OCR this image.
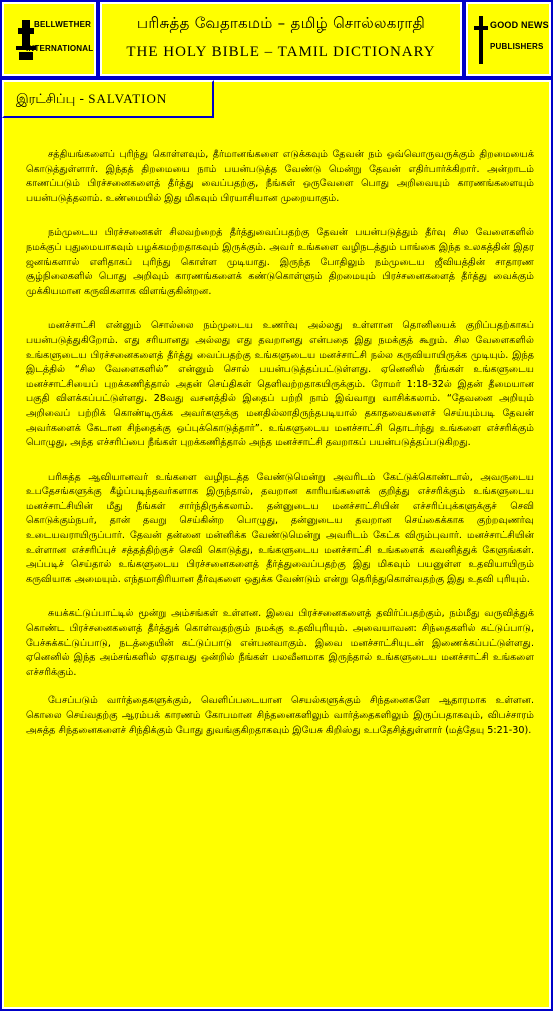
BELLWETHER
INTERNATIONAL
பரிசுத்த வேதாகமம் – தமிழ் சொல்லகராதி
THE HOLY BIBLE – TAMIL DICTIONARY
GOOD NEWS
PUBLISHERS

சத்தியங்களைப் புரிந்து கொள்ளவும், தீர்மானங்களை எடுக்கவும் தேவன் நம் ஒவ்வொருவருக்கும் திறமையைக் கொடுத்துள்ளார். இந்தத் திறமையை நாம் பயன்படுத்த வேண்டு மென்று தேவன் எதிர்பார்க்கிறார். அன்றாடம் காணப்படும் பிரச்சனைகளைத் தீர்த்து வைப்பதற்கு, நீங்கள் ஒருவேளை பொது அறிவையும் காரணங்களையும் பயன்படுத்தலாம். உண்மையில் இது மிகவும் பிரயாசியான முறையாகும்.

நம்முடைய பிரச்சனைகள் சிலவற்றைத் தீர்த்துவைப்பதற்கு தேவன் பயன்படுத்தும் தீர்வு சில வேளைகளில் நமக்குப் புதுமையாகவும் பழக்கமற்றதாகவும் இருக்கும். அவர் உங்களை வழிநடத்தும் பாங்கை இந்த உலகத்தின் இதர ஜனங்களால் எளிதாகப் புரிந்து கொள்ள முடியாது. இருந்த போதிலும் நம்முடைய ஜீவியத்தின் சாதாரண சூழ்நிலைகளில் பொது அறிவும் காரணங்களைக் கண்டுகொள்ளும் திறமையும் பிரச்சனைகளைத் தீர்த்து வைக்கும் முக்கியமான கருவிகளாக விளங்குகின்றன.

மனச்சாட்சி என்னும் சொல்லை நம்முடைய உணர்வு அல்லது உள்ளான தொனியைக் குறிப்பதற்காகப் பயன்படுத்துகிறோம். எது சரியானது அல்லது எது தவறானது என்பதை இது நமக்குத் கூறும். சில வேளைகளில் உங்களுடைய பிரச்சனைகளைத் தீர்த்து வைப்பதற்கு உங்களுடைய மனச்சாட்சி நல்ல கருவியாயிருக்க முடியும். இந்த இடத்தில் “சில வேளைகளில்” என்னும் சொல் பயன்படுத்தப்பட்டுள்ளது. ஏனெனில் நீங்கள் உங்களுடைய மனச்சாட்சியைப் புறக்கணித்தால் அதன் செய்திகள் தெளிவற்றதாகயிருக்கும். ரோமர் 1:18-32ல் இதன் தீமையான பகுதி விளக்கப்பட்டுள்ளது. 28வது வசனத்தில் இதைப் பற்றி நாம் இவ்வாறு வாசிக்கலாம். “தேவனை அறியும் அறிவைப் பற்றிக் கொண்டிருக்க அவர்களுக்கு மனதில்லாதிருந்தபடியால் தகாதவைகளைச் செய்யும்படி தேவன் அவர்களைக் கேடான சிந்தைக்கு ஒப்புக்கொடுத்தார்”. உங்களுடைய மனச்சாட்சி தொடர்ந்து உங்களை எச்சரிக்கும் பொழுது, அந்த எச்சரிப்பை நீங்கள் புறக்கணித்தால் அந்த மனச்சாட்சி தவறாகப் பயன்படுத்தப்படுகிறது.

பரிசுத்த ஆவியானவர் உங்களை வழிநடத்த வேண்டுமென்று அவரிடம் கேட்டுக்கொண்டால், அவருடைய உபதேசங்களுக்கு கீழ்ப்படிந்தவர்களாக இருந்தால், தவறான காரியங்களைக் குறித்து எச்சரிக்கும் உங்களுடைய மனச்சாட்சியின் மீது நீங்கள் சார்ந்திருக்கலாம். தன்னுடைய மனச்சாட்சியின் எச்சரிப்புக்களுக்குச் செவி கொடுக்கும்நபர், தான் தவறு செய்கின்ற பொழுது, தன்னுடைய தவறான செய்கைக்காக குற்றவுணர்வு உடையவராயிருப்பார். தேவன் தன்னை மன்னிக்க வேண்டுமென்று அவரிடம் கேட்க விரும்புவார். மனச்சாட்சியின் உள்ளான எச்சரிப்புச் சத்தத்திற்குச் செவி கொடுத்து, உங்களுடைய மனச்சாட்சி உங்களைக் கவனித்துக் கேளுங்கள். அப்படிச் செய்தால் உங்களுடைய பிரச்சனைகளைத் தீர்த்துவைப்பதற்கு இது மிகவும் பயனுள்ள உதவியாயிரும் கருவியாக அமையும். எந்தமாதிரியான தீர்வுகளை ஒதுக்க வேண்டும் என்று தெரிந்துகொள்வதற்கு இது உதவி புரியும்.

சுயக்கட்டுப்பாட்டில் மூன்று அம்சங்கள் உள்ளன. இவை பிரச்சனைகளைத் தவிர்ப்பதற்கும், நம்மீது வருவித்துக் கொண்ட பிரச்சனைகளைத் தீர்த்துக் கொள்வதற்கும் நமக்கு உதவிபுரியும். அவையாவன: சிந்தைகளில் கட்டுப்பாடு, பேச்சுக்கட்டுப்பாடு, நடத்தையின் கட்டுப்பாடு என்பனவாகும். இவை மனச்சாட்சியுடன் இணைக்கப்பட்டுள்ளது. ஏனெனில் இந்த அம்சங்களில் ஏதாவது ஒன்றில் நீங்கள் பலவீனமாக இருந்தால் உங்களுடைய மனச்சாட்சி உங்களை எச்சரிக்கும்.

பேசப்படும் வார்த்தைகளுக்கும், வெளிப்படையான செயல்களுக்கும் சிந்தனைகளே ஆதாரமாக உள்ளன. கொலை செய்வதற்கு ஆரம்பக் காரணம் கோபமான சிந்தனைகளிலும் வார்த்தைகளிலும் இருப்பதாகவும், விபச்சாரம் அசுத்த சிந்தனைகளைச் சிந்திக்கும் போது துவங்குகிறதாகவும் இயேசு கிறிஸ்து உபதேசித்துள்ளார் (மத்தேயு 5:21-30).

இரட்சிப்பு - SALVATION
